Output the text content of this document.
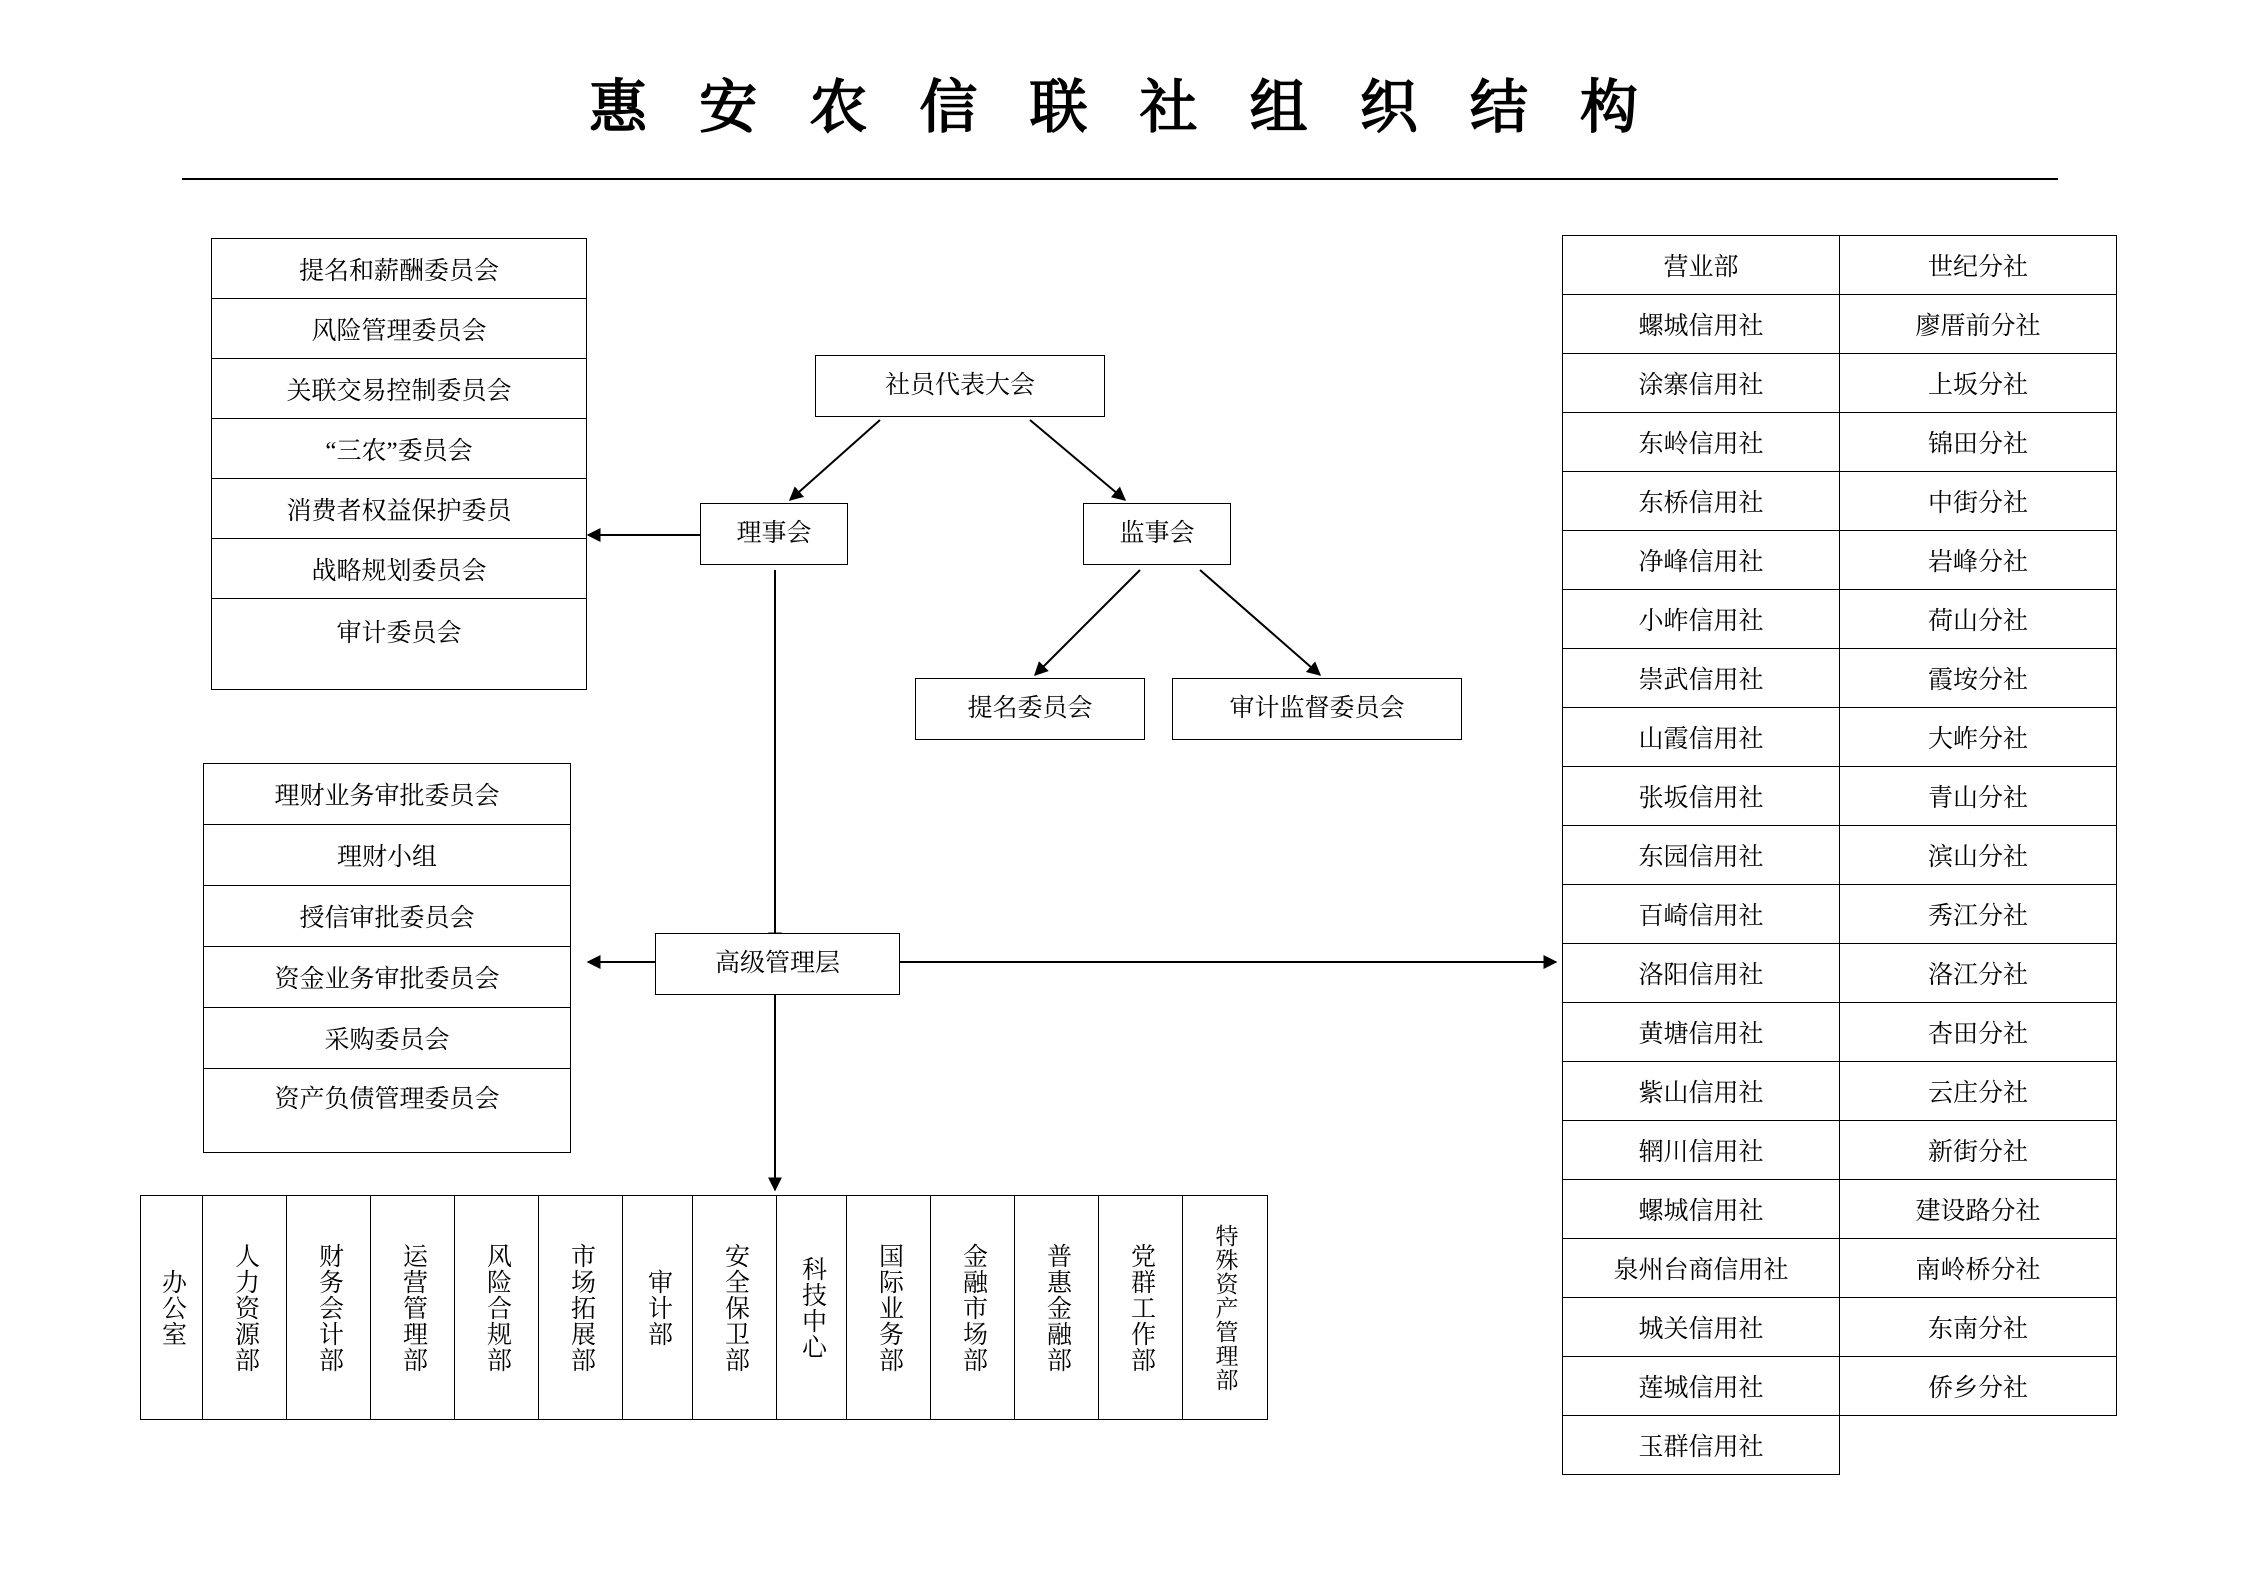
惠 安 农 信 联 社 组 织 结 构
社员代表大会
理事会	监事会
提名委员会	审计监督委员会
高级管理层
提名和薪酬委员会
风险管理委员会
关联交易控制委员会
“三农”委员会
消费者权益保护委员
战略规划委员会
审计委员会
理财业务审批委员会
理财小组
授信审批委员会
资金业务审批委员会
采购委员会
资产负债管理委员会
办公室 人力资源部 财务会计部 运营管理部 风险合规部 市场拓展部 审计部 安全保卫部 科技中心 国际业务部 金融市场部 普惠金融部 党群工作部	特殊资产管理部
营业部	世纪分社
螺城信用社	廖厝前分社
涂寨信用社	上坂分社
东岭信用社	锦田分社
东桥信用社	中街分社
净峰信用社	岩峰分社
小岞信用社	荷山分社
崇武信用社	霞垵分社
山霞信用社	大岞分社
张坂信用社	青山分社
东园信用社	滨山分社
百崎信用社	秀江分社
洛阳信用社	洛江分社
黄塘信用社	杏田分社
紫山信用社	云庄分社
辋川信用社	新街分社
螺城信用社	建设路分社
泉州台商信用社	南岭桥分社
城关信用社	东南分社
莲城信用社	侨乡分社
玉群信用社	
